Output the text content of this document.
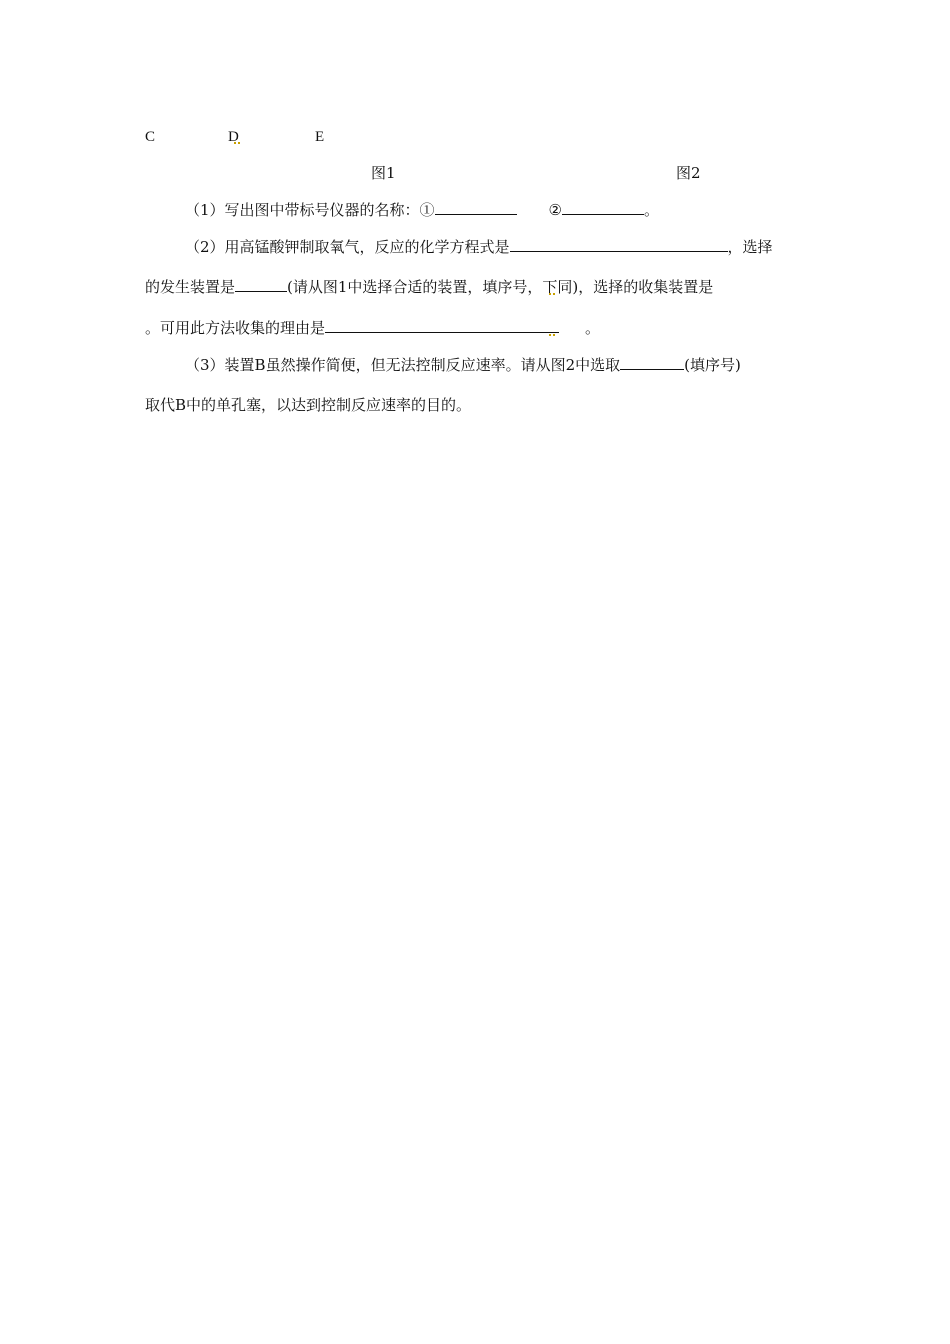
C	D	E
图1	图2
（1）写出图中带标号仪器的名称：①	②	。
（2）用高锰酸钾制取氧气，反应的化学方程式是	，选择
的发生装置是	(请从图1中选择合适的装置，填序号，下同)，选择的收集装置是
。可用此方法收集的理由是	。
（3）装置B虽然操作简便，但无法控制反应速率。请从图2中选取	(填序号)
取代B中的单孔塞，以达到控制反应速率的目的。
